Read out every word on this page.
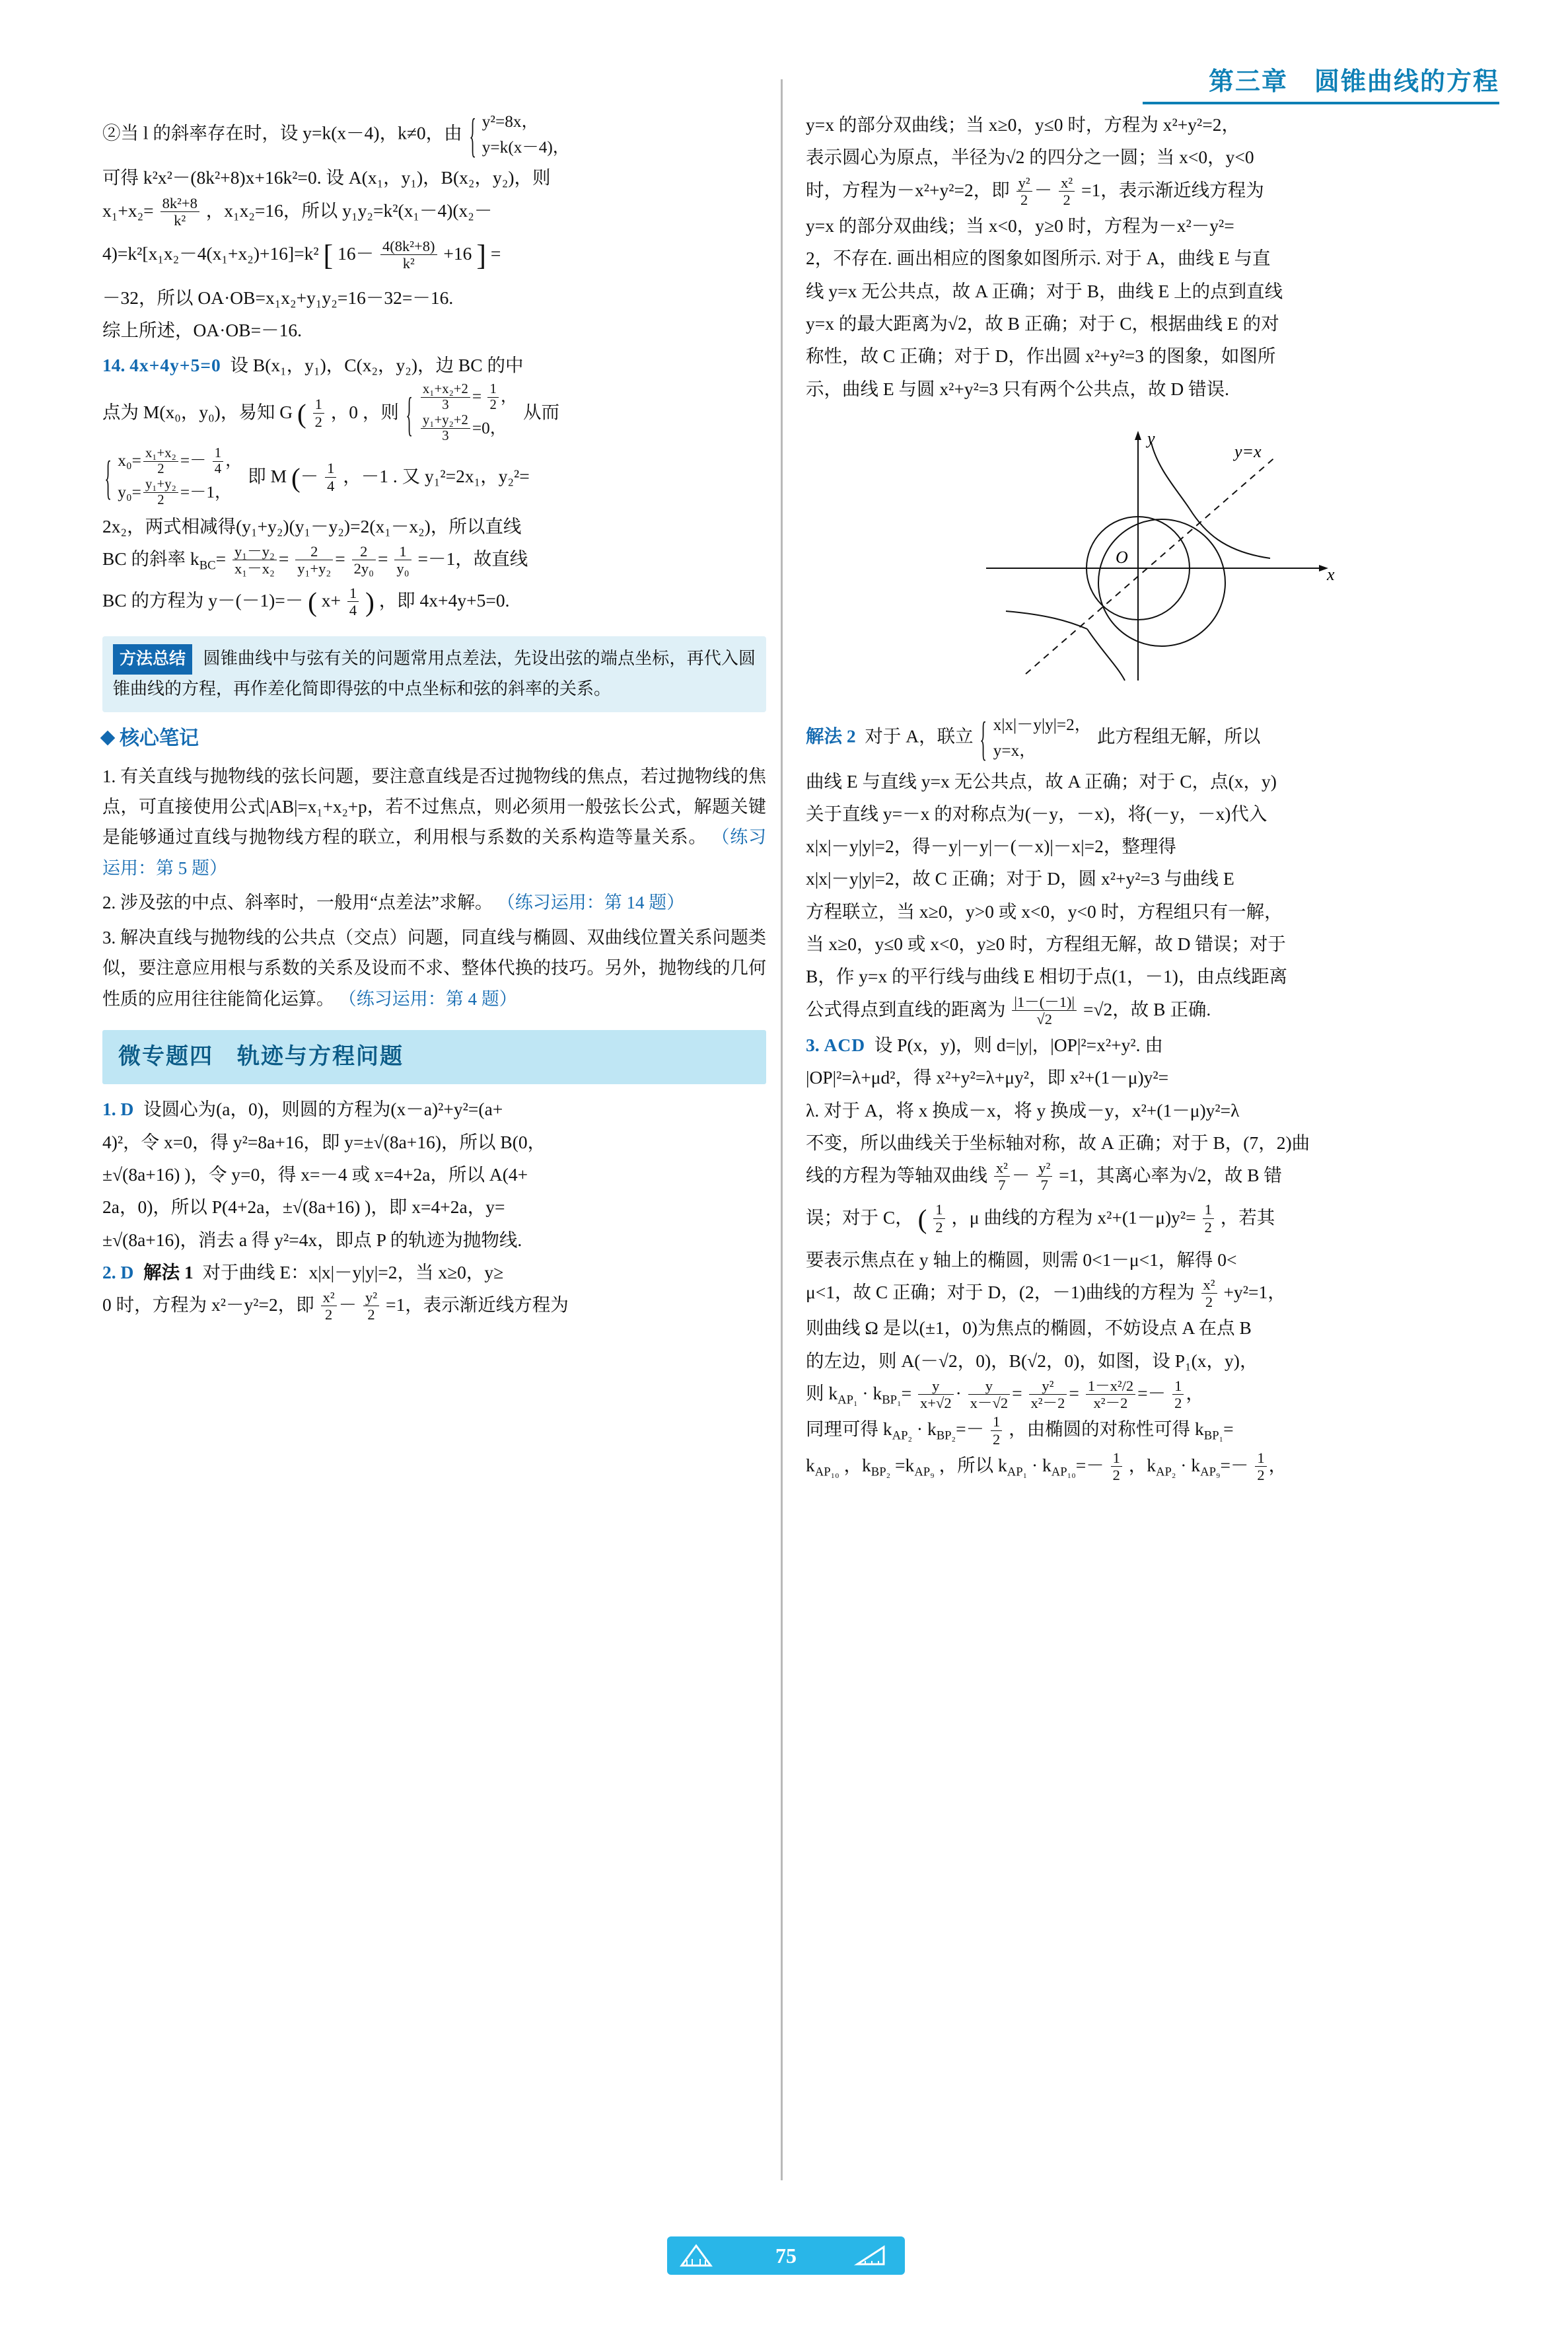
第三章　圆锥曲线的方程

②当 l 的斜率存在时，设 y=k(x－4)，k≠0，由 { y²=8x，
y=k(x－4)，

可得 k²x²－(8k²+8)x+16k²=0. 设 A(x₁，y₁)，B(x₂，y₂)，则

$x_1+x_2= \frac{\text{8k²+8}}{\text{k²}}$ ，x₁x₂=16，所以 y₁y₂=k²(x₁－4)(x₂－

4)=k²[x₁x₂－4(x₁+x₂)+16]=k² [ $16- \frac{\text{4(8k²+8)}}{\text{k²}} +16$ ] =

－32，所以 OA·OB=x₁x₂+y₁y₂=16－32=－16.

综上所述，OA·OB=－16.

14. 4x+4y+5=0 设 B(x₁，y₁)，C(x₂，y₂)，边 BC 的中

点为 M(x₀，y₀)，易知 G ( $\frac{1}{2}$ ，0 ，则 { $\frac{\text{x₁+x₂+2}}{3} = \frac{1}{2}$ ，

$\frac{\text{y₁+y₂+2}}{3} =0$，
从而

{ $x_0= \frac{\text{x₁+x₂}}{2} =- \frac{1}{4}$ ，
$y_0= \frac{\text{y₁+y₂}}{2} =-1$，
即 M (－ $\frac{1}{4}$ ，－1 . 又 y₁²=2x₁，y₂²=

2x₂，两式相减得(y₁+y₂)(y₁－y₂)=2(x₁－x₂)，所以直线

BC 的斜率 $k_{BC}= \frac{\text{y₁－y₂}}{\text{x₁－x₂}} = \frac{2}{\text{y₁+y₂}} = \frac{2}{\text{2y₀}} = \frac{1}{\text{y₀}} =-1$，故直线

BC 的方程为 y－(－1)=－ ( $x+ \frac{1}{4}$ ) ，即 4x+4y+5=0.

方法总结 圆锥曲线中与弦有关的问题常用点差法，先设出弦的端点坐标，再代入圆锥曲线的方程，再作差化简即得弦的中点坐标和弦的斜率的关系。
核心笔记

1. 有关直线与抛物线的弦长问题，要注意直线是否过抛物线的焦点，若过抛物线的焦点，可直接使用公式|AB|=x₁+x₂+p，若不过焦点，则必须用一般弦长公式，解题关键是能够通过直线与抛物线方程的联立，利用根与系数的关系构造等量关系。 （练习运用：第 5 题）

2. 涉及弦的中点、斜率时，一般用“点差法”求解。 （练习运用：第 14 题）

3. 解决直线与抛物线的公共点（交点）问题，同直线与椭圆、双曲线位置关系问题类似，要注意应用根与系数的关系及设而不求、整体代换的技巧。另外，抛物线的几何性质的应用往往能简化运算。 （练习运用：第 4 题）

微专题四　轨迹与方程问题

1. D 设圆心为(a，0)，则圆的方程为(x－a)²+y²=(a+

4)²，令 x=0，得 y²=8a+16，即 y=±√(8a+16)，所以 B(0，

±√(8a+16) )，令 y=0，得 x=－4 或 x=4+2a，所以 A(4+

2a，0)，所以 P(4+2a，±√(8a+16) )，即 x=4+2a，y=

±√(8a+16)，消去 a 得 y²=4x，即点 P 的轨迹为抛物线.

2. D 解法 1 对于曲线 E：x|x|－y|y|=2，当 x≥0，y≥

0 时，方程为 x²－y²=2，即 $\frac{\text{x²}}{2} - \frac{\text{y²}}{2} =1$，表示渐近线方程为

y=x 的部分双曲线；当 x≥0，y≤0 时，方程为 x²+y²=2，

表示圆心为原点，半径为√2 的四分之一圆；当 x<0，y<0

时，方程为－x²+y²=2，即 $\frac{\text{y²}}{2} - \frac{\text{x²}}{2} =1$，表示渐近线方程为

y=x 的部分双曲线；当 x<0，y≥0 时，方程为－x²－y²=

2，不存在. 画出相应的图象如图所示. 对于 A，曲线 E 与直

线 y=x 无公共点，故 A 正确；对于 B，曲线 E 上的点到直线

y=x 的最大距离为√2，故 B 正确；对于 C，根据曲线 E 的对

称性，故 C 正确；对于 D，作出圆 x²+y²=3 的图象，如图所

示，曲线 E 与圆 x²+y²=3 只有两个公共点，故 D 错误.

y
x
O
y=x

解法 2 对于 A，联立 { x|x|－y|y|=2，
y=x，
此方程组无解，所以

曲线 E 与直线 y=x 无公共点，故 A 正确；对于 C，点(x，y)

关于直线 y=－x 的对称点为(－y，－x)，将(－y，－x)代入

x|x|－y|y|=2，得－y|－y|－(－x)|－x|=2，整理得

x|x|－y|y|=2，故 C 正确；对于 D，圆 x²+y²=3 与曲线 E

方程联立，当 x≥0，y>0 或 x<0，y<0 时，方程组只有一解，

当 x≥0，y≤0 或 x<0，y≥0 时，方程组无解，故 D 错误；对于

B，作 y=x 的平行线与曲线 E 相切于点(1，－1)，由点线距离

公式得点到直线的距离为 $\frac{|1-(-1)|}{√2} =√2$，故 B 正确.

3. ACD 设 P(x，y)，则 d=|y|，|OP|²=x²+y². 由

|OP|²=λ+μd²，得 x²+y²=λ+μy²，即 x²+(1－μ)y²=

λ. 对于 A，将 x 换成－x，将 y 换成－y，x²+(1－μ)y²=λ

不变，所以曲线关于坐标轴对称，故 A 正确；对于 B，(7，2)曲

线的方程为等轴双曲线 $\frac{\text{x²}}{7} - \frac{\text{y²}}{7} =1$，其离心率为√2，故 B 错

误；对于 C， ( $\frac{1}{2}$ ，μ 曲线的方程为 $x^2+(1-\mu)y^2= \frac{1}{2}$ ，若其

要表示焦点在 y 轴上的椭圆，则需 0<1－μ<1，解得 0<

μ<1，故 C 正确；对于 D，(2，－1)曲线的方程为 $\frac{\text{x²}}{2} +y^2=1$，

则曲线 Ω 是以(±1，0)为焦点的椭圆，不妨设点 A 在点 B

的左边，则 A(－√2，0)，B(√2，0)，如图，设 P₁(x，y)，

则 $k_{AP_1} \cdot k_{BP_1}= \frac{y}{x+√2} \cdot \frac{y}{x-√2} = \frac{\text{y²}}{\text{x²－2}} = \frac{\text{1－x²/2}}{\text{x²－2}} =- \frac{1}{2}$ ，

同理可得 $k_{AP_2} \cdot k_{BP_2}=- \frac{1}{2}$ ，由椭圆的对称性可得 $k_{BP_1}=$

$k_{AP_{10}}$ ，$k_{BP_2} =k_{AP_9}$ ，所以 $k_{AP_1} \cdot k_{AP_{10}}=- \frac{1}{2}$ ，$k_{AP_2} \cdot k_{AP_9}=- \frac{1}{2}$ ，

75
